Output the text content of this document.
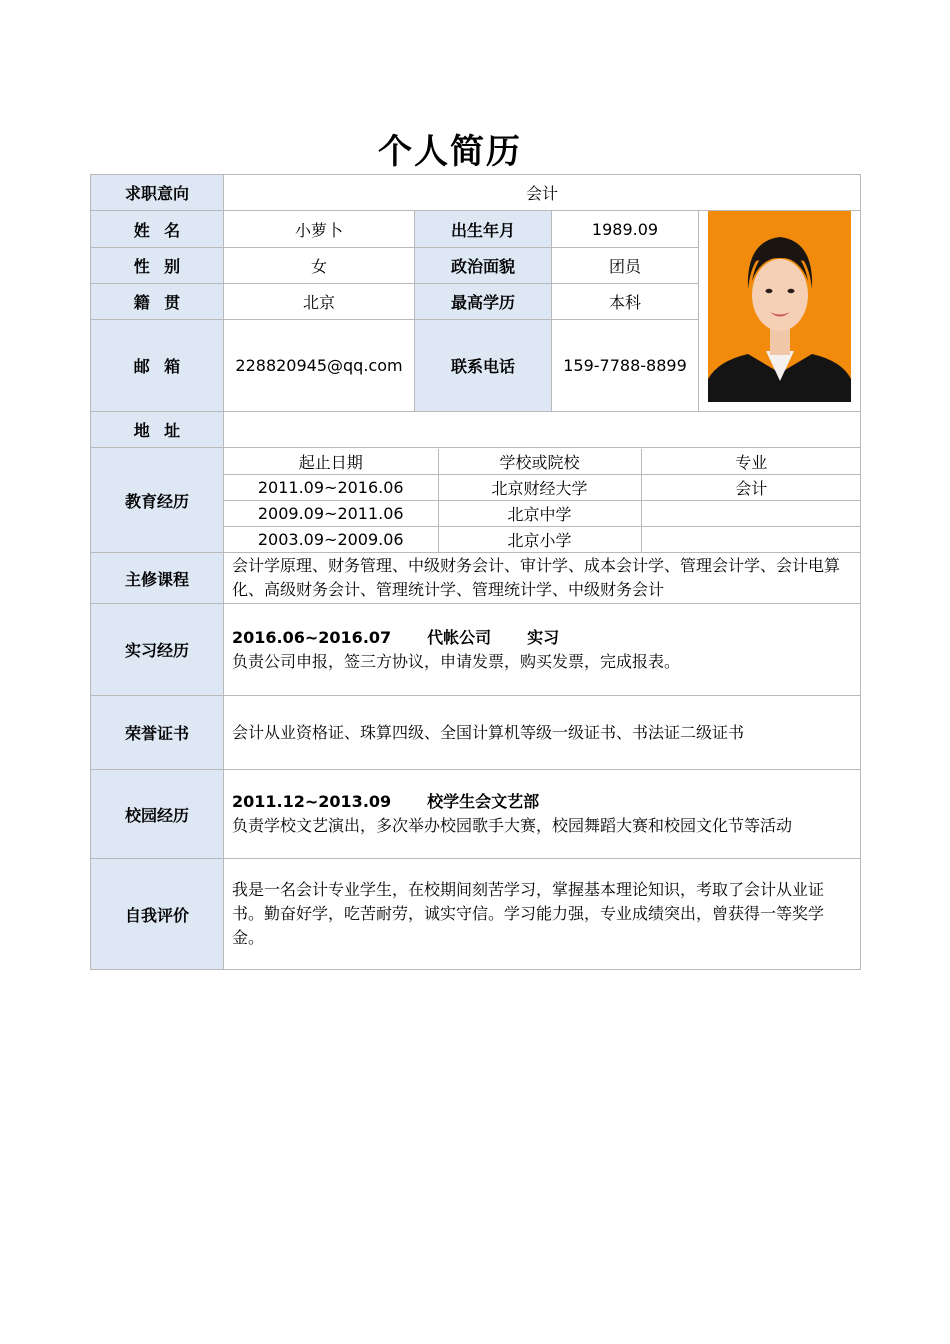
个人简历
求职意向	会计
姓名	小萝卜	出生年月	1989.09	

性别	女	政治面貌	团员
籍贯	北京	最高学历	本科
邮箱	228820945@qq.com	联系电话	159-7788-8899
地址	
教育经历	
起止日期	学校或院校	专业
2011.09~2016.06	北京财经大学	会计
2009.09~2011.06	北京中学	
2003.09~2009.06	北京小学	

主修课程	会计学原理、财务管理、中级财务会计、审计学、成本会计学、管理会计学、会计电算化、高级财务会计、管理统计学、管理统计学、中级财务会计
实习经历	
2016.06~2016.07 代帐公司 实习
负责公司申报，签三方协议，申请发票，购买发票，完成报表。

荣誉证书	会计从业资格证、珠算四级、全国计算机等级一级证书、书法证二级证书
校园经历	
2011.12~2013.09 校学生会文艺部
负责学校文艺演出，多次举办校园歌手大赛，校园舞蹈大赛和校园文化节等活动

自我评价	我是一名会计专业学生，在校期间刻苦学习，掌握基本理论知识，考取了会计从业证书。勤奋好学，吃苦耐劳，诚实守信。学习能力强，专业成绩突出，曾获得一等奖学金。
